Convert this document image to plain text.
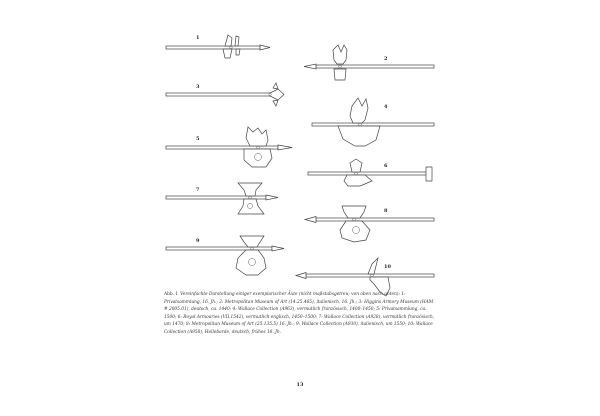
1
2
3
4
5
6
7
8
9
10

Abb. 1 Vereinfachte Darstellung einiger exemplarischer Äxte (nicht maßstabsgetreu; von oben nach unten): 1: Privatsammlung, 16. Jh.; 2: Metropolitan Museum of Art (14.25.465), italienisch, 16. Jh.; 3: Higgins Armory Museum (HAM # 2005.01), deutsch, ca. 1440; 4: Wallace Collection (A963), vermutlich französisch, 1400–1450; 5: Privatsammlung, ca. 1500; 6: Royal Armouries (VII.1542), vermutlich englisch, 1450–1500; 7: Wallace Collection (A928), vermutlich französisch, um 1470; 8: Metropolitan Museum of Art (25.135.5) 16. Jh.; 9: Wallace Collection (A930), italienisch, um 1550; 10: Wallace Collection (A958), Hellebarde, deutsch, frühes 16. Jh.

13
